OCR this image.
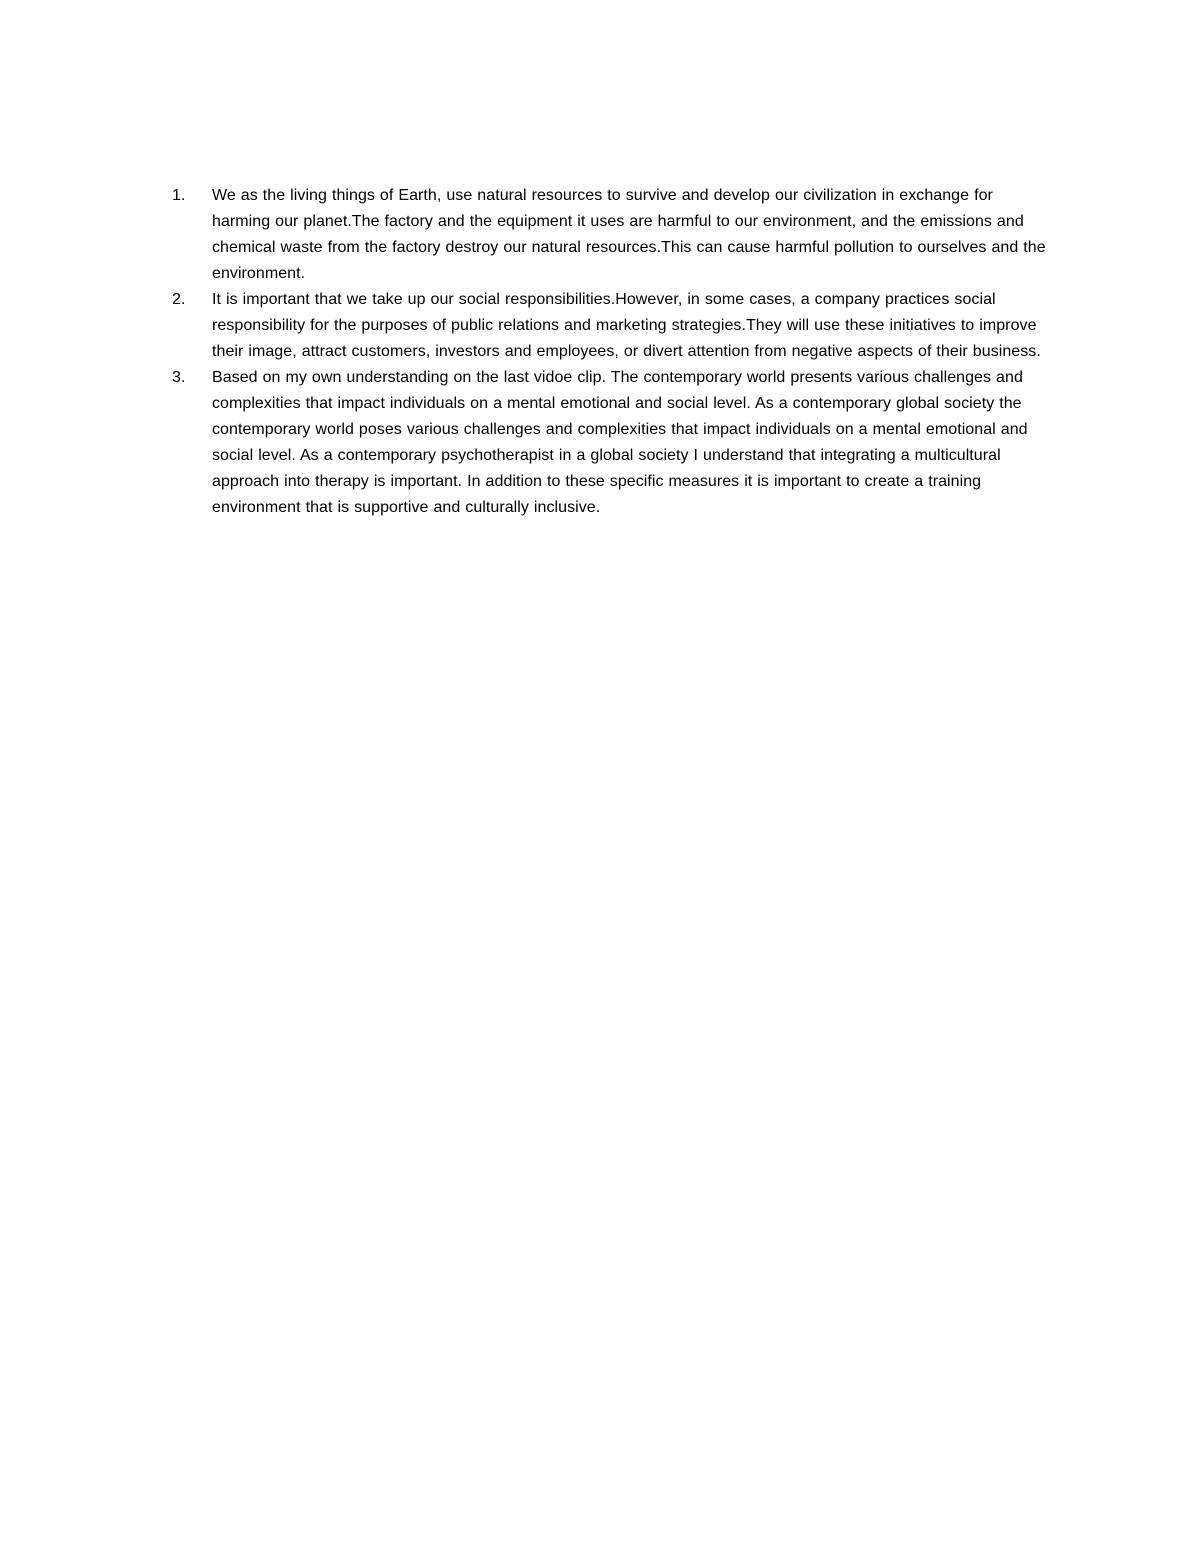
1.	We as the living things of Earth, use natural resources to survive and develop our civilization in exchange for harming our planet.The factory and the equipment it uses are harmful to our environment, and the emissions and chemical waste from the factory destroy our natural resources.This can cause harmful pollution to ourselves and the environment.
2.	It is important that we take up our social responsibilities.However, in some cases, a company practices social responsibility for the purposes of public relations and marketing strategies.They will use these initiatives to improve their image, attract customers, investors and employees, or divert attention from negative aspects of their business.
3.	Based on my own understanding on the last vidoe clip. The contemporary world presents various challenges and complexities that impact individuals on a mental emotional and social level. As a contemporary global society the contemporary world poses various challenges and complexities that impact individuals on a mental emotional and social level. As a contemporary psychotherapist in a global society I understand that integrating a multicultural approach into therapy is important. In addition to these specific measures it is important to create a training environment that is supportive and culturally inclusive.
